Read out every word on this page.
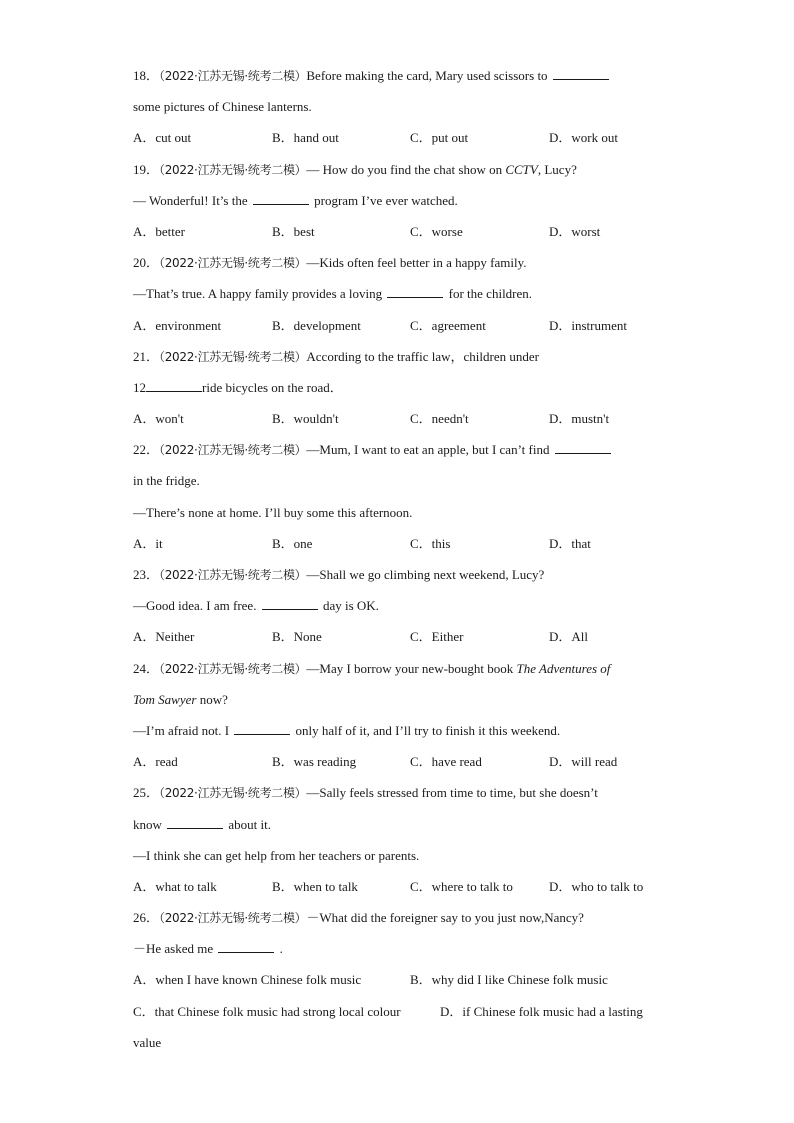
18．（2022·江苏无锡·统考二模）Before making the card, Mary used scissors to
some pictures of Chinese lanterns.
A．cut out	B．hand out	C．put out	D．work out
19．（2022·江苏无锡·统考二模）— How do you find the chat show on CCTV, Lucy?
— Wonderful! It’s the	program I’ve ever watched.
A．better	B．best	C．worse	D．worst
20．（2022·江苏无锡·统考二模）—Kids often feel better in a happy family.
—That’s true. A happy family provides a loving	for the children.
A．environment	B．development	C．agreement	D．instrument
21．（2022·江苏无锡·统考二模）According to the traffic law，children under
12	ride bicycles on the road．
A．won't	B．wouldn't	C．needn't	D．mustn't
22．（2022·江苏无锡·统考二模）—Mum, I want to eat an apple, but I can’t find
in the fridge.
—There’s none at home. I’ll buy some this afternoon.
A．it	B．one	C．this	D．that
23．（2022·江苏无锡·统考二模）—Shall we go climbing next weekend, Lucy?
—Good idea. I am free.	day is OK.
A．Neither	B．None	C．Either	D．All
24．（2022·江苏无锡·统考二模）—May I borrow your new-bought book The Adventures of
Tom Sawyer now?
—I’m afraid not. I	only half of it, and I’ll try to finish it this weekend.
A．read	B．was reading	C．have read	D．will read
25．（2022·江苏无锡·统考二模）—Sally feels stressed from time to time, but she doesn’t
know	about it.
—I think she can get help from her teachers or parents.
A．what to talk	B．when to talk	C．where to talk to	D．who to talk to
26．（2022·江苏无锡·统考二模）－What did the foreigner say to you just now,Nancy?
－He asked me	.
A．when I have known Chinese folk music	B．why did I like Chinese folk music
C．that Chinese folk music had strong local colour	D．if Chinese folk music had a lasting
value
